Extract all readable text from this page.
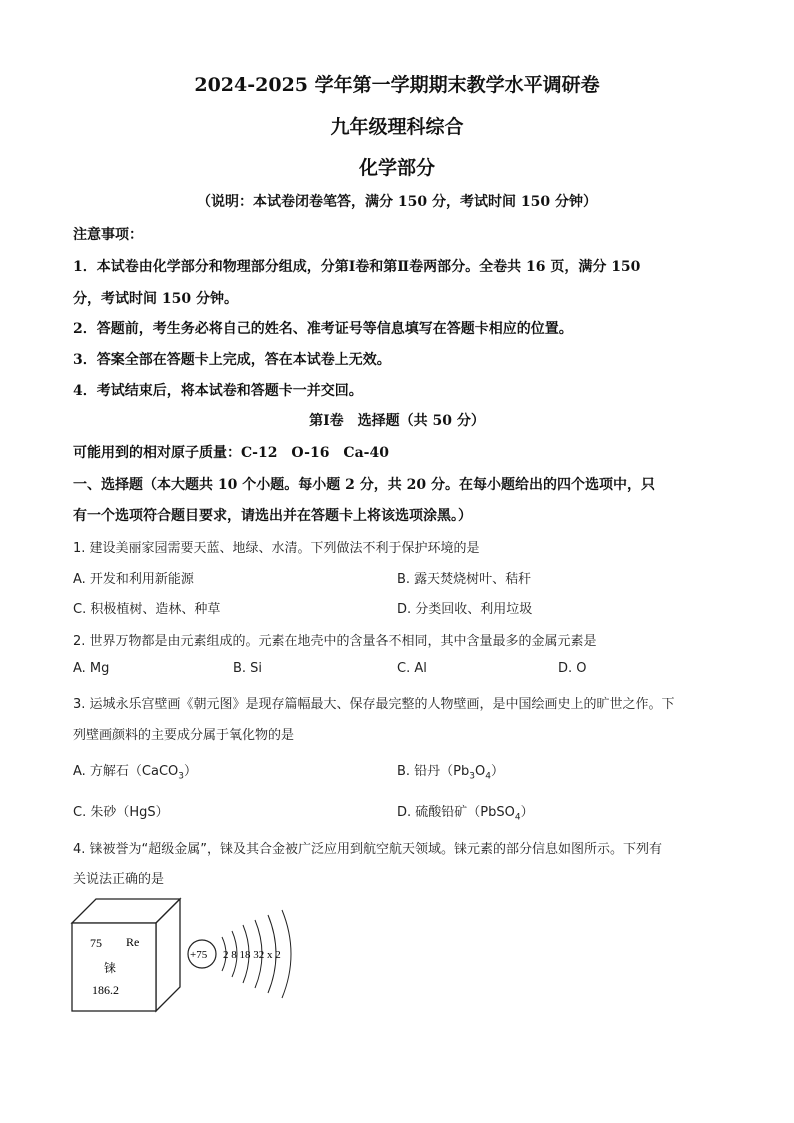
2024-2025 学年第一学期期末教学水平调研卷
九年级理科综合
化学部分
（说明：本试卷闭卷笔答，满分 150 分，考试时间 150 分钟）
注意事项：
1．本试卷由化学部分和物理部分组成，分第Ⅰ卷和第Ⅱ卷两部分。全卷共 16 页，满分 150
分，考试时间 150 分钟。
2．答题前，考生务必将自己的姓名、准考证号等信息填写在答题卡相应的位置。
3．答案全部在答题卡上完成，答在本试卷上无效。
4．考试结束后，将本试卷和答题卡一并交回。
第Ⅰ卷　选择题（共 50 分）
可能用到的相对原子质量：C-12　O-16　Ca-40
一、选择题（本大题共 10 个小题。每小题 2 分，共 20 分。在每小题给出的四个选项中，只
有一个选项符合题目要求，请选出并在答题卡上将该选项涂黑。）
1. 建设美丽家园需要天蓝、地绿、水清。下列做法不利于保护环境的是
A. 开发和利用新能源	B. 露天焚烧树叶、秸秆
C. 积极植树、造林、种草	D. 分类回收、利用垃圾
2. 世界万物都是由元素组成的。元素在地壳中的含量各不相同，其中含量最多的金属元素是
A. Mg	B. Si	C. Al	D. O
3. 运城永乐宫壁画《朝元图》是现存篇幅最大、保存最完整的人物壁画，是中国绘画史上的旷世之作。下
列壁画颜料的主要成分属于氧化物的是
A. 方解石（CaCO$_3$）	B. 铅丹$(Pb_3O_4)$
C. 朱砂（HgS）	D. 硫酸铅矿（PbSO$_4$）
4. 铼被誉为“超级金属”，铼及其合金被广泛应用到航空航天领域。铼元素的部分信息如图所示。下列有
关说法正确的是
75 Re
铼
186.2
+75 2 8 18 32 x 2
